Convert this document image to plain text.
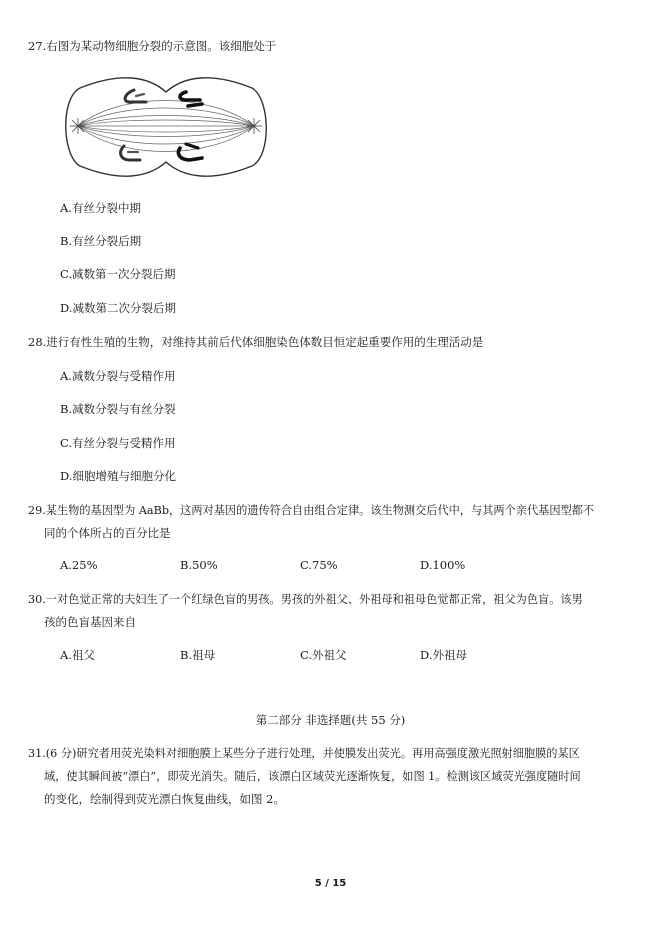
27.右图为某动物细胞分裂的示意图。该细胞处于
A.有丝分裂中期
B.有丝分裂后期
C.减数第一次分裂后期
D.减数第二次分裂后期
28.进行有性生殖的生物，对维持其前后代体细胞染色体数目恒定起重要作用的生理活动是
A.减数分裂与受精作用
B.减数分裂与有丝分裂
C.有丝分裂与受精作用
D.细胞增殖与细胞分化
29.某生物的基因型为 AaBb，这两对基因的遗传符合自由组合定律。该生物测交后代中，与其两个亲代基因型都不
同的个体所占的百分比是
A.25%	B.50%	C.75%	D.100%
30.一对色觉正常的夫妇生了一个红绿色盲的男孩。男孩的外祖父、外祖母和祖母色觉都正常，祖父为色盲。该男
孩的色盲基因来自
A.祖父	B.祖母	C.外祖父	D.外祖母
第二部分 非选择题(共 55 分)
31.(6 分)研究者用荧光染料对细胞膜上某些分子进行处理，并使膜发出荧光。再用高强度激光照射细胞膜的某区
域，使其瞬间被“漂白”，即荧光消失。随后，该漂白区域荧光逐渐恢复，如图 1。检测该区域荧光强度随时间
的变化，绘制得到荧光漂白恢复曲线，如图 2。
5 / 15
